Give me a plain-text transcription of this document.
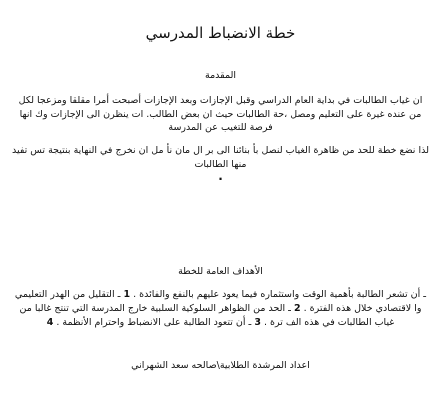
خطة الانضباط المدرسي
المقدمة
ان غياب الطالبات في بداية العام الدراسي وقبل الإجازات وبعد الإجازات أصبحت أمرا مقلقا ومزعجا لكل من عنده غيرة على التعليم ومصل ،حة الطالبات حيث ان بعض الطالب. ات ينظرن الى الإجازات وك انها فرصة للتغيب عن المدرسة
لذا نضع خطة للحد من ظاهرة الغياب لنصل بأ بنائنا الى بر ال مان نأ مل ان نخرج في النهاية بنتيجة تس تفيد منها الطالبات
.
الأهداف العامة للخطة
ـ أن تشعر الطالبة بأهمية الوقت واستثماره فيما يعود عليهم بالنفع والفائدة . 1 ـ التقليل من الهدر التعليمي وا لاقتصادي خلال هذه الفترة . 2 ـ الحد من الظواهر السلوكية السلبية خارج المدرسة التي تنتج غالبا من غياب الطالبات في هذه الف ترة . 3 ـ أن تتعود الطالبة على الانضباط واحترام الأنظمة . 4
اعداد المرشدة الطلابية\صالحه سعد الشهراني
